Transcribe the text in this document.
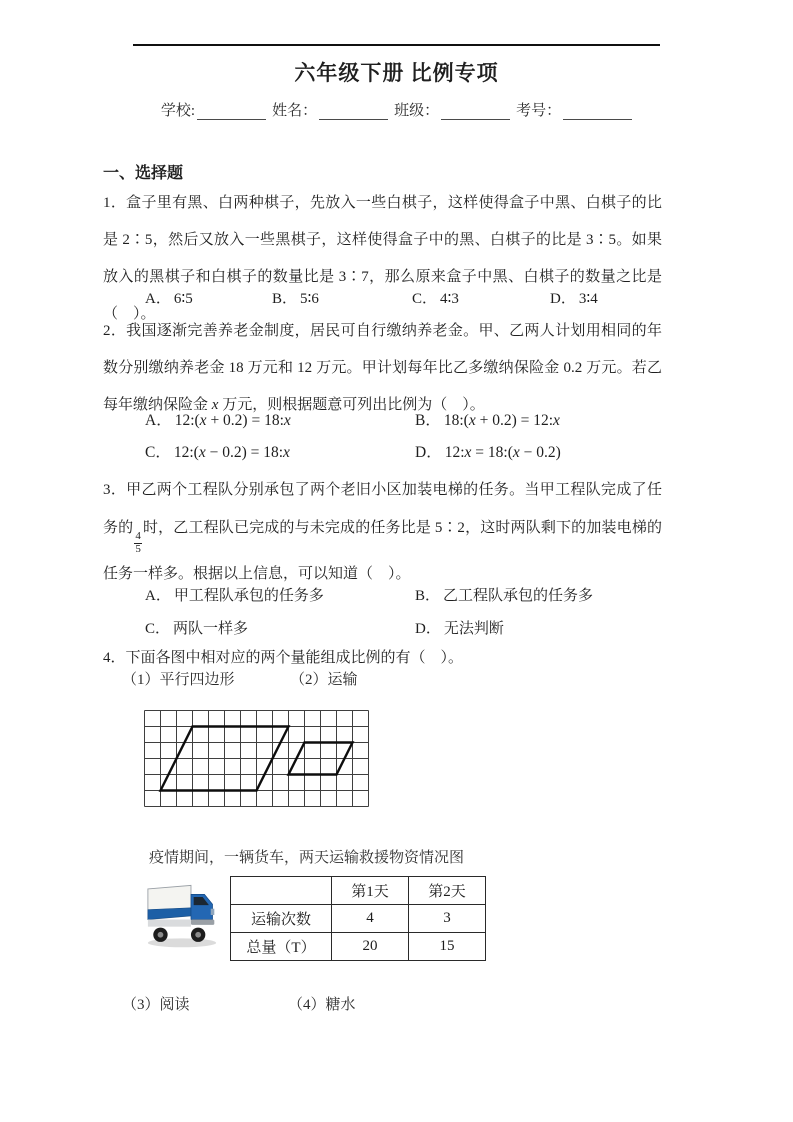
六年级下册 比例专项
学校:	姓名：	班级：	考号：
一、选择题

1．盒子里有黑、白两种棋子，先放入一些白棋子，这样使得盒子中黑、白棋子的比是 2∶5，然后又放入一些黑棋子，这样使得盒子中的黑、白棋子的比是 3∶5。如果放入的黑棋子和白棋子的数量比是 3∶7，那么原来盒子中黑、白棋子的数量之比是（　）。

A． 6∶5	B． 5∶6	C． 4∶3	D． 3∶4

2．我国逐渐完善养老金制度，居民可自行缴纳养老金。甲、乙两人计划用相同的年数分别缴纳养老金 18 万元和 12 万元。甲计划每年比乙多缴纳保险金 0.2 万元。若乙每年缴纳保险金 x 万元，则根据题意可列出比例为（　）。

A． 12:(x + 0.2) = 18:x	B． 18:(x + 0.2) = 12:x
C． 12:(x − 0.2) = 18:x	D． 12:x = 18:(x − 0.2)

3．甲乙两个工程队分别承包了两个老旧小区加装电梯的任务。当甲工程队完成了任务的
$\frac{4}{5}$
时，乙工程队已完成的与未完成的任务比是 5∶2，这时两队剩下的加装电梯的任务一样多。根据以上信息，可以知道（　）。

A． 甲工程队承包的任务多	B． 乙工程队承包的任务多
C． 两队一样多	D． 无法判断

4．下面各图中相对应的两个量能组成比例的有（　）。

（1）平行四边形	（2）运输
疫情期间，一辆货车，两天运输救援物资情况图
	第1天	第2天
运输次数	4	3
总量（T）	20	15
（3）阅读	（4）糖水
